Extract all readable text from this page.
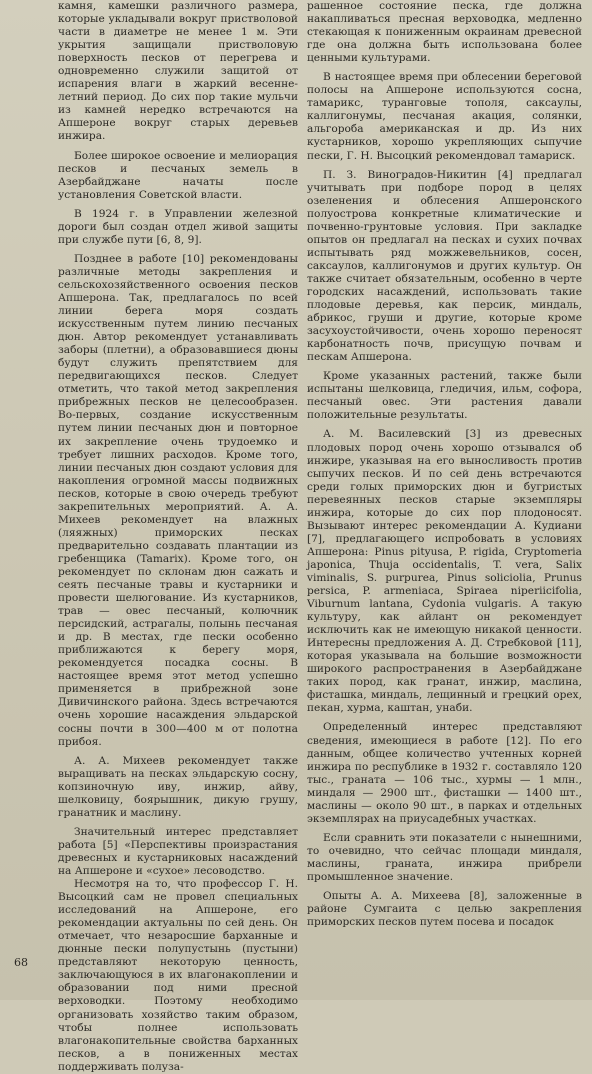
камня, камешки различного размера, которые укладывали вокруг пристволовой части в диаметре не менее 1 м. Эти укрытия защищали пристволовую поверхность песков от перегрева и одновременно служили защитой от испарения влаги в жаркий весенне-летний период. До сих пор такие мульчи из камней нередко встречаются на Апшероне вокруг старых деревьев инжира.

Более широкое освоение и мелиорация песков и песчаных земель в Азербайджане начаты после установления Советской власти.

В 1924 г. в Управлении железной дороги был создан отдел живой защиты при службе пути [6, 8, 9].

Позднее в работе [10] рекомендованы различные методы закрепления и сельскохозяйственного освоения песков Апшерона. Так, предлагалось по всей линии берега моря создать искусственным путем линию песчаных дюн. Автор рекомендует устанавливать заборы (плетни), а образовавшиеся дюны будут служить препятствием для передвигающихся песков. Следует отметить, что такой метод закрепления прибрежных песков не целесообразен. Во-первых, создание искусственным путем линии песчаных дюн и повторное их закрепление очень трудоемко и требует лишних расходов. Кроме того, линии песчаных дюн создают условия для накопления огромной массы подвижных песков, которые в свою очередь требуют закрепительных мероприятий. А. А. Михеев рекомендует на влажных (ляяжных) приморских песках предварительно создавать плантации из гребенщика (Tamarix). Кроме того, он рекомендует по склонам дюн сажать и сеять песчаные травы и кустарники и провести шелюгование. Из кустарников, трав — овес песчаный, колючник персидский, астрагалы, полынь песчаная и др. В местах, где пески особенно приближаются к берегу моря, рекомендуется посадка сосны. В настоящее время этот метод успешно применяется в прибрежной зоне Дивичинского района. Здесь встречаются очень хорошие насаждения эльдарской сосны почти в 300—400 м от полотна прибоя.

А. А. Михеев рекомендует также выращивать на песках эльдарскую сосну, копзиночную иву, инжир, айву, шелковицу, боярышник, дикую грушу, гранатник и маслину.

Значительный интерес представляет работа [5] «Перспективы произрастания древесных и кустарниковых насаждений на Апшероне и «сухое» лесоводство.

Несмотря на то, что профессор Г. Н. Высоцкий сам не провел специальных исследований на Апшероне, его рекомендации актуальны по сей день. Он отмечает, что незаросшие барханные и дюнные пески полупустынь (пустыни) представляют некоторую ценность, заключающуюся в их влагонакоплении и образовании под ними пресной верховодки. Поэтому необходимо организовать хозяйство таким образом, чтобы полнее использовать влагонакопительные свойства барханных песков, а в пониженных местах поддерживать полуза-

рашенное состояние песка, где должна накапливаться пресная верховодка, медленно стекающая к пониженным окраинам древесной где она должна быть использована более ценными культурами.

В настоящее время при облесении береговой полосы на Апшероне используются сосна, тамарикс, туранговые тополя, саксаулы, каллигонумы, песчаная акация, солянки, альгороба американская и др. Из них кустарников, хорошо укрепляющих сыпучие пески, Г. Н. Высоцкий рекомендовал тамариск.

П. З. Виноградов-Никитин [4] предлагал учитывать при подборе пород в целях озеленения и облесения Апшеронского полуострова конкретные климатические и почвенно-грунтовые условия. При закладке опытов он предлагал на песках и сухих почвах испытывать ряд можжевельников, сосен, саксаулов, каллигонумов и других культур. Он также считает обязательным, особенно в черте городских насаждений, использовать такие плодовые деревья, как персик, миндаль, абрикос, груши и другие, которые кроме засухоустойчивости, очень хорошо переносят карбонатность почв, присущую почвам и пескам Апшерона.

Кроме указанных растений, также были испытаны шелковица, гледичия, ильм, софора, песчаный овес. Эти растения давали положительные результаты.

А. М. Василевский [3] из древесных плодовых пород очень хорошо отзывался об инжире, указывая на его выносливость против сыпучих песков. И по сей день встречаются среди голых приморских дюн и бугристых перевеянных песков старые экземпляры инжира, которые до сих пор плодоносят. Вызывают интерес рекомендации А. Кудиани [7], предлагающего испробовать в условиях Апшерона: Pinus pityusa, P. rigida, Cryptomeria japonica, Thuja occidentalis, T. vera, Salix viminalis, S. purpurea, Pinus soliciolia, Prunus persica, P. armeniaca, Spiraea niperiicifolia, Viburnum lantana, Cydonia vulgaris. А такую культуру, как айлант он рекомендует исключить как не имеющую никакой ценности. Интересны предложения А. Д. Стребковой [11], которая указывала на большие возможности широкого распространения в Азербайджане таких пород, как гранат, инжир, маслина, фисташка, миндаль, лещинный и грецкий орех, пекан, хурма, каштан, унаби.

Определенный интерес представляют сведения, имеющиеся в работе [12]. По его данным, общее количество учтенных корней инжира по республике в 1932 г. составляло 120 тыс., граната — 106 тыс., хурмы — 1 млн., миндаля — 2900 шт., фисташки — 1400 шт., маслины — около 90 шт., в парках и отдельных экземплярах на приусадебных участках.

Если сравнить эти показатели с нынешними, то очевидно, что сейчас площади миндаля, маслины, граната, инжира прибрели промышленное значение.

Опыты А. А. Михеева [8], заложенные в районе Сумгаита с целью закрепления приморских песков путем посева и посадок

68
